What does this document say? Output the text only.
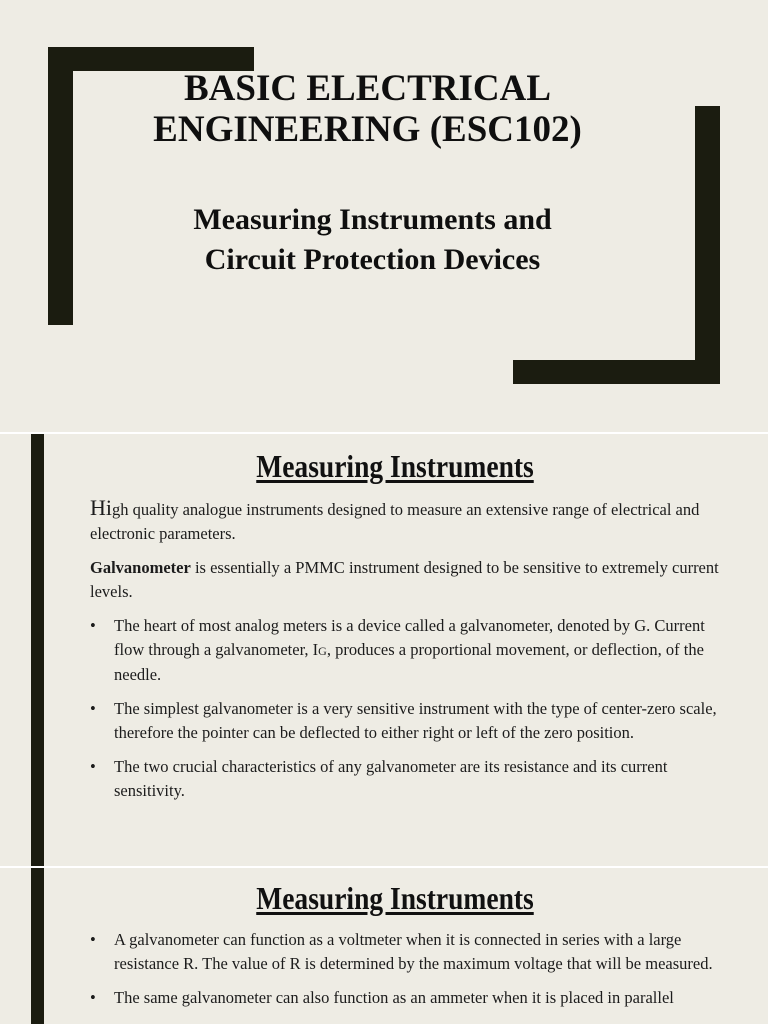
BASIC ELECTRICAL
ENGINEERING (ESC102)
Measuring Instruments and
Circuit Protection Devices
Measuring Instruments

High quality analogue instruments designed to measure an extensive range of electrical and electronic parameters.

Galvanometer is essentially a PMMC instrument designed to be sensitive to extremely current levels.

• The heart of most analog meters is a device called a galvanometer, denoted by G. Current flow through a galvanometer, IG, produces a proportional movement, or deflection, of the needle.
• The simplest galvanometer is a very sensitive instrument with the type of center-zero scale, therefore the pointer can be deflected to either right or left of the zero position.
• The two crucial characteristics of any galvanometer are its resistance and its current sensitivity.
Measuring Instruments
• A galvanometer can function as a voltmeter when it is connected in series with a large resistance R. The value of R is determined by the maximum voltage that will be measured.
• The same galvanometer can also function as an ammeter when it is placed in parallel
